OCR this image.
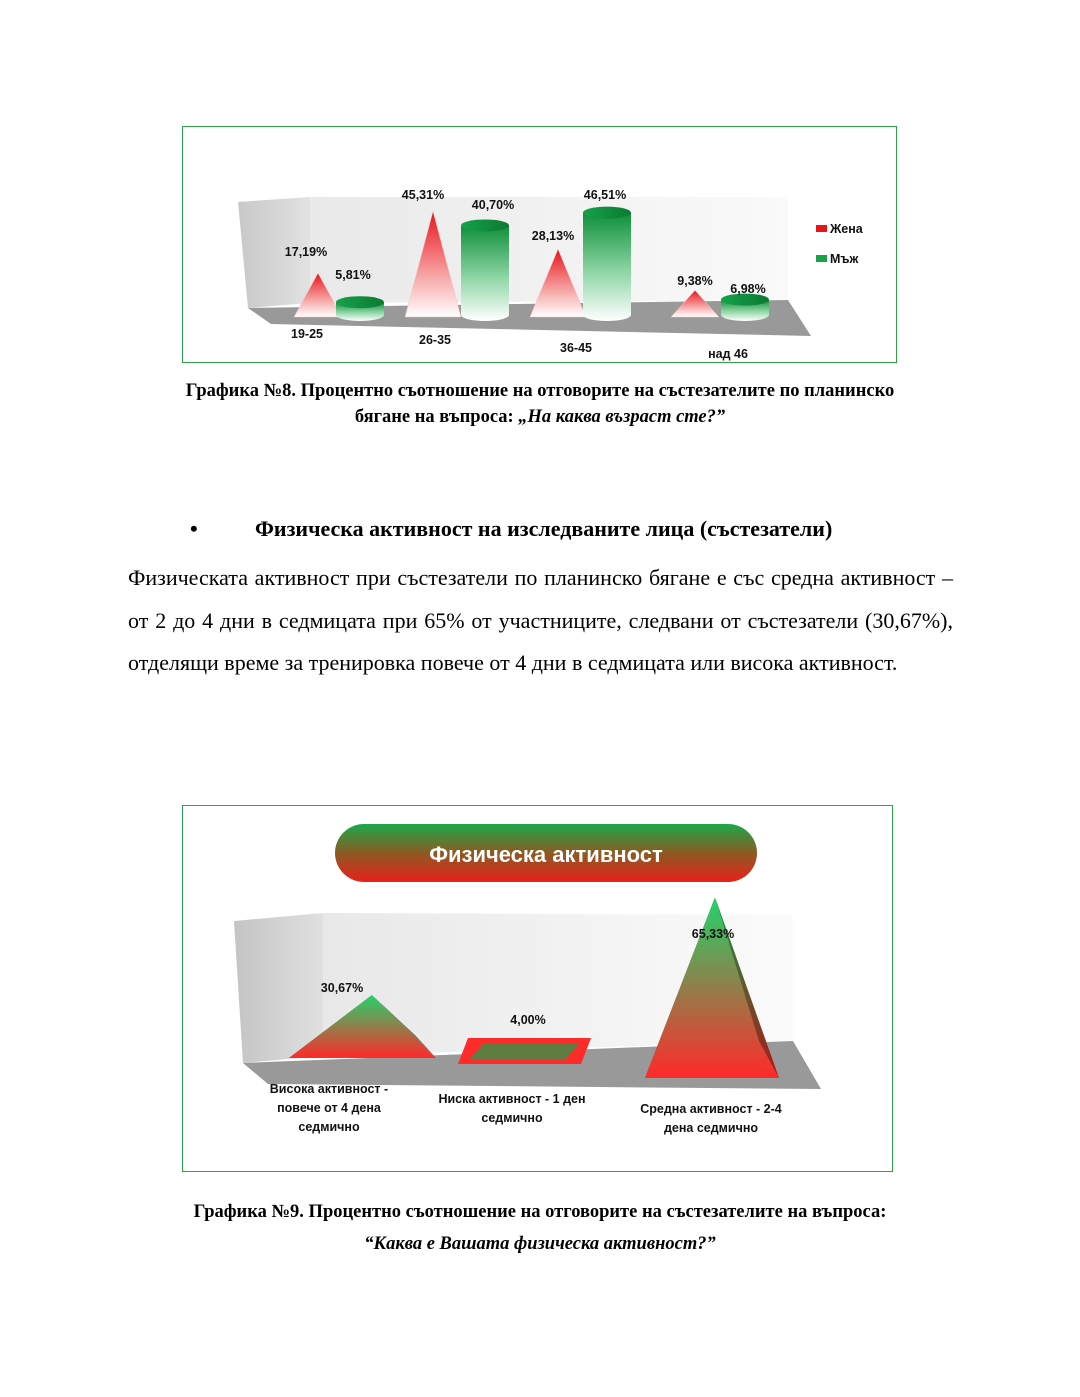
17,19%
45,31%
28,13%
9,38%
5,81%
40,70%
46,51%
6,98%
19-25	26-35
36-45	над 46
Жена
Мъж
Графика №8. Процентно съотношение на отговорите на състезателите по планинско
бягане на въпроса: „На каква възраст сте?”
•	Физическа активност на изследваните лица (състезатели)
Физическата активност при състезатели по планинско бягане е със средна активност – от 2 до 4 дни в седмицата при 65% от участниците, следвани от състезатели (30,67%), отделящи време за тренировка повече от 4 дни в седмицата или висока активност.
Физическа активност
30,67%
4,00%
65,33%
Висока активност -
повече от 4 дена
седмично
Ниска активност - 1 ден
седмично
Средна активност - 2-4
дена седмично
Графика №9. Процентно съотношение на отговорите на състезателите на въпроса:
“Каква е Вашата физическа активност?”
